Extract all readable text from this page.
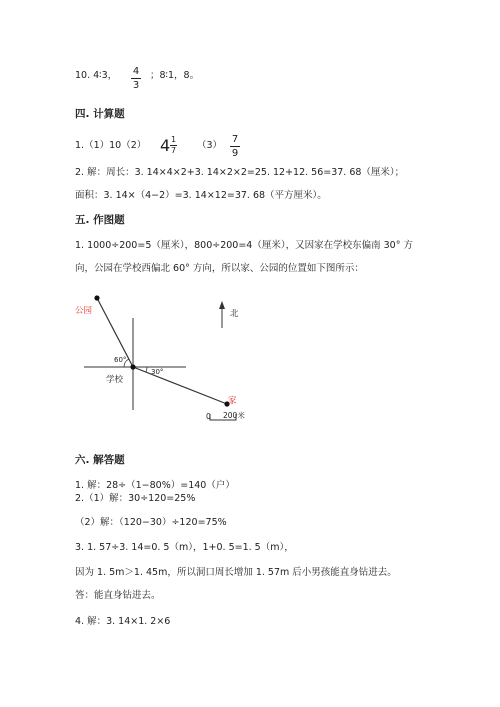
10. 4∶3， 4
3
；8∶1，8。
四. 计算题
1.（1）10（2） 4 1
7 （3）
7
9
2. 解：周长：3. 14×4×2+3. 14×2×2=25. 12+12. 56=37. 68（厘米）；
面积：3. 14×（4−2）=3. 14×12=37. 68（平方厘米）。
五. 作图题
1. 1000÷200=5（厘米），800÷200=4（厘米），又因家在学校东偏南 30° 方
向，公园在学校西偏北 60° 方向，所以家、公园的位置如下图所示：
公园
学校
家
北
60°
30°
0 200米
六. 解答题
1. 解：28÷（1−80%）=140（户）
2.（1）解：30÷120=25%
（2）解：（120−30）÷120=75%
3. 1. 57÷3. 14=0. 5（m），1+0. 5=1. 5（m），
因为 1. 5m＞1. 45m，所以洞口周长增加 1. 57m 后小男孩能直身钻进去。
答：能直身钻进去。
4. 解：3. 14×1. 2×6
